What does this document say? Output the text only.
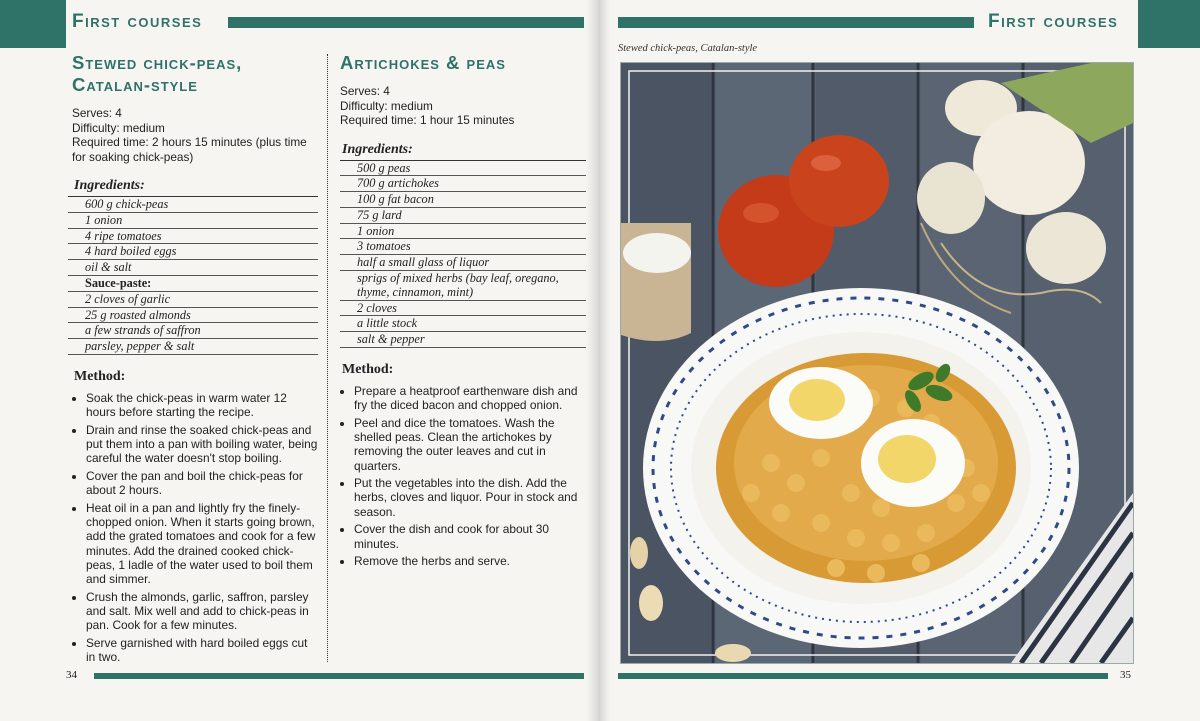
First courses
Stewed chick-peas, Catalan-style

Serves: 4

Difficulty: medium

Required time: 2 hours 15 minutes (plus time for soaking chick-peas)

Ingredients:
600 g chick-peas
1 onion
4 ripe tomatoes
4 hard boiled eggs
oil & salt
Sauce-paste:
2 cloves of garlic
25 g roasted almonds
a few strands of saffron
parsley, pepper & salt
Method:
• Soak the chick-peas in warm water 12 hours before starting the recipe.
• Drain and rinse the soaked chick-peas and put them into a pan with boiling water, being careful the water doesn't stop boiling.
• Cover the pan and boil the chick-peas for about 2 hours.
• Heat oil in a pan and lightly fry the finely-chopped onion. When it starts going brown, add the grated tomatoes and cook for a few minutes. Add the drained cooked chick-peas, 1 ladle of the water used to boil them and simmer.
• Crush the almonds, garlic, saffron, parsley and salt. Mix well and add to chick-peas in pan. Cook for a few minutes.
• Serve garnished with hard boiled eggs cut in two.
Artichokes & peas

Serves: 4

Difficulty: medium

Required time: 1 hour 15 minutes

Ingredients:
500 g peas
700 g artichokes
100 g fat bacon
75 g lard
1 onion
3 tomatoes
half a small glass of liquor
sprigs of mixed herbs (bay leaf, oregano, thyme, cinnamon, mint)
2 cloves
a little stock
salt & pepper
Method:
• Prepare a heatproof earthenware dish and fry the diced bacon and chopped onion.
• Peel and dice the tomatoes. Wash the shelled peas. Clean the artichokes by removing the outer leaves and cut in quarters.
• Put the vegetables into the dish. Add the herbs, cloves and liquor. Pour in stock and season.
• Cover the dish and cook for about 30 minutes.
• Remove the herbs and serve.
34
First courses
Stewed chick-peas, Catalan-style
35
